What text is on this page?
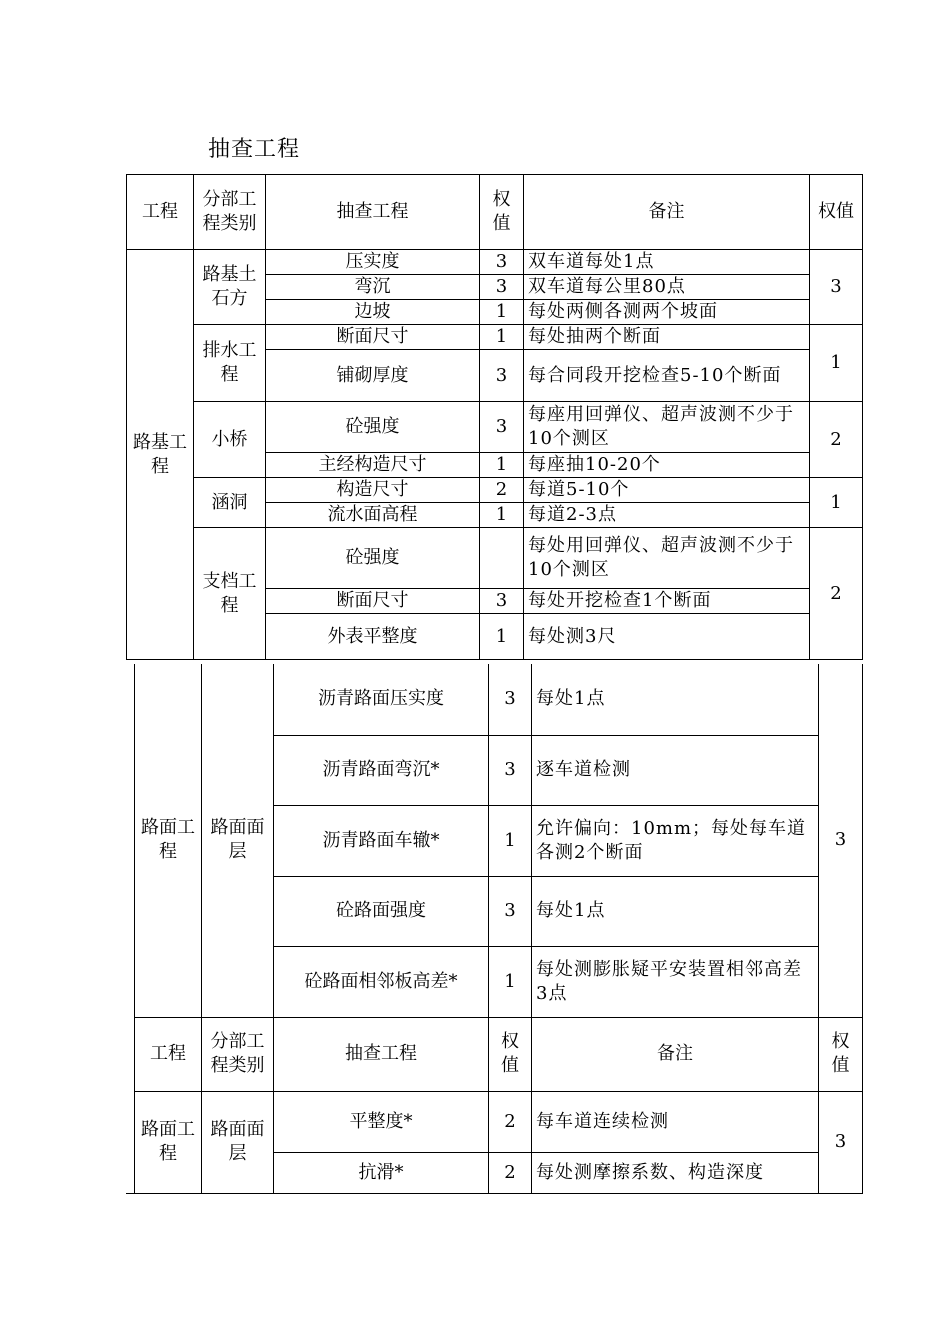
抽查工程
工程	分部工程类别	抽查工程	权值	备注	权值
路基工程	路基土石方	压实度	3	双车道每处1点	3
		弯沉	3	双车道每公里80点	
		边坡	1	每处两侧各测两个坡面	
	排水工程	断面尺寸	1	每处抽两个断面	1
		铺砌厚度	3	每合同段开挖检查5-10个断面	
	小桥	砼强度	3	每座用回弹仪、超声波测不少于10个测区	2
		主经构造尺寸	1	每座抽10-20个	
	涵洞	构造尺寸	2	每道5-10个	1
		流水面高程	1	每道2-3点	
	支档工程	砼强度		每处用回弹仪、超声波测不少于10个测区	2
		断面尺寸	3	每处开挖检查1个断面	
		外表平整度	1	每处测3尺	
路面工程	路面面层	沥青路面压实度	3	每处1点	3
		沥青路面弯沉*	3	逐车道检测	
		沥青路面车辙*	1	允许偏向：10mm；每处每车道各测2个断面	
		砼路面强度	3	每处1点	
		砼路面相邻板高差*	1	每处测膨胀疑平安装置相邻高差3点	
工程	分部工程类别	抽查工程	权值	备注	权值
路面工程	路面面层	平整度*	2	每车道连续检测	3
		抗滑*	2	每处测摩擦系数、构造深度	
